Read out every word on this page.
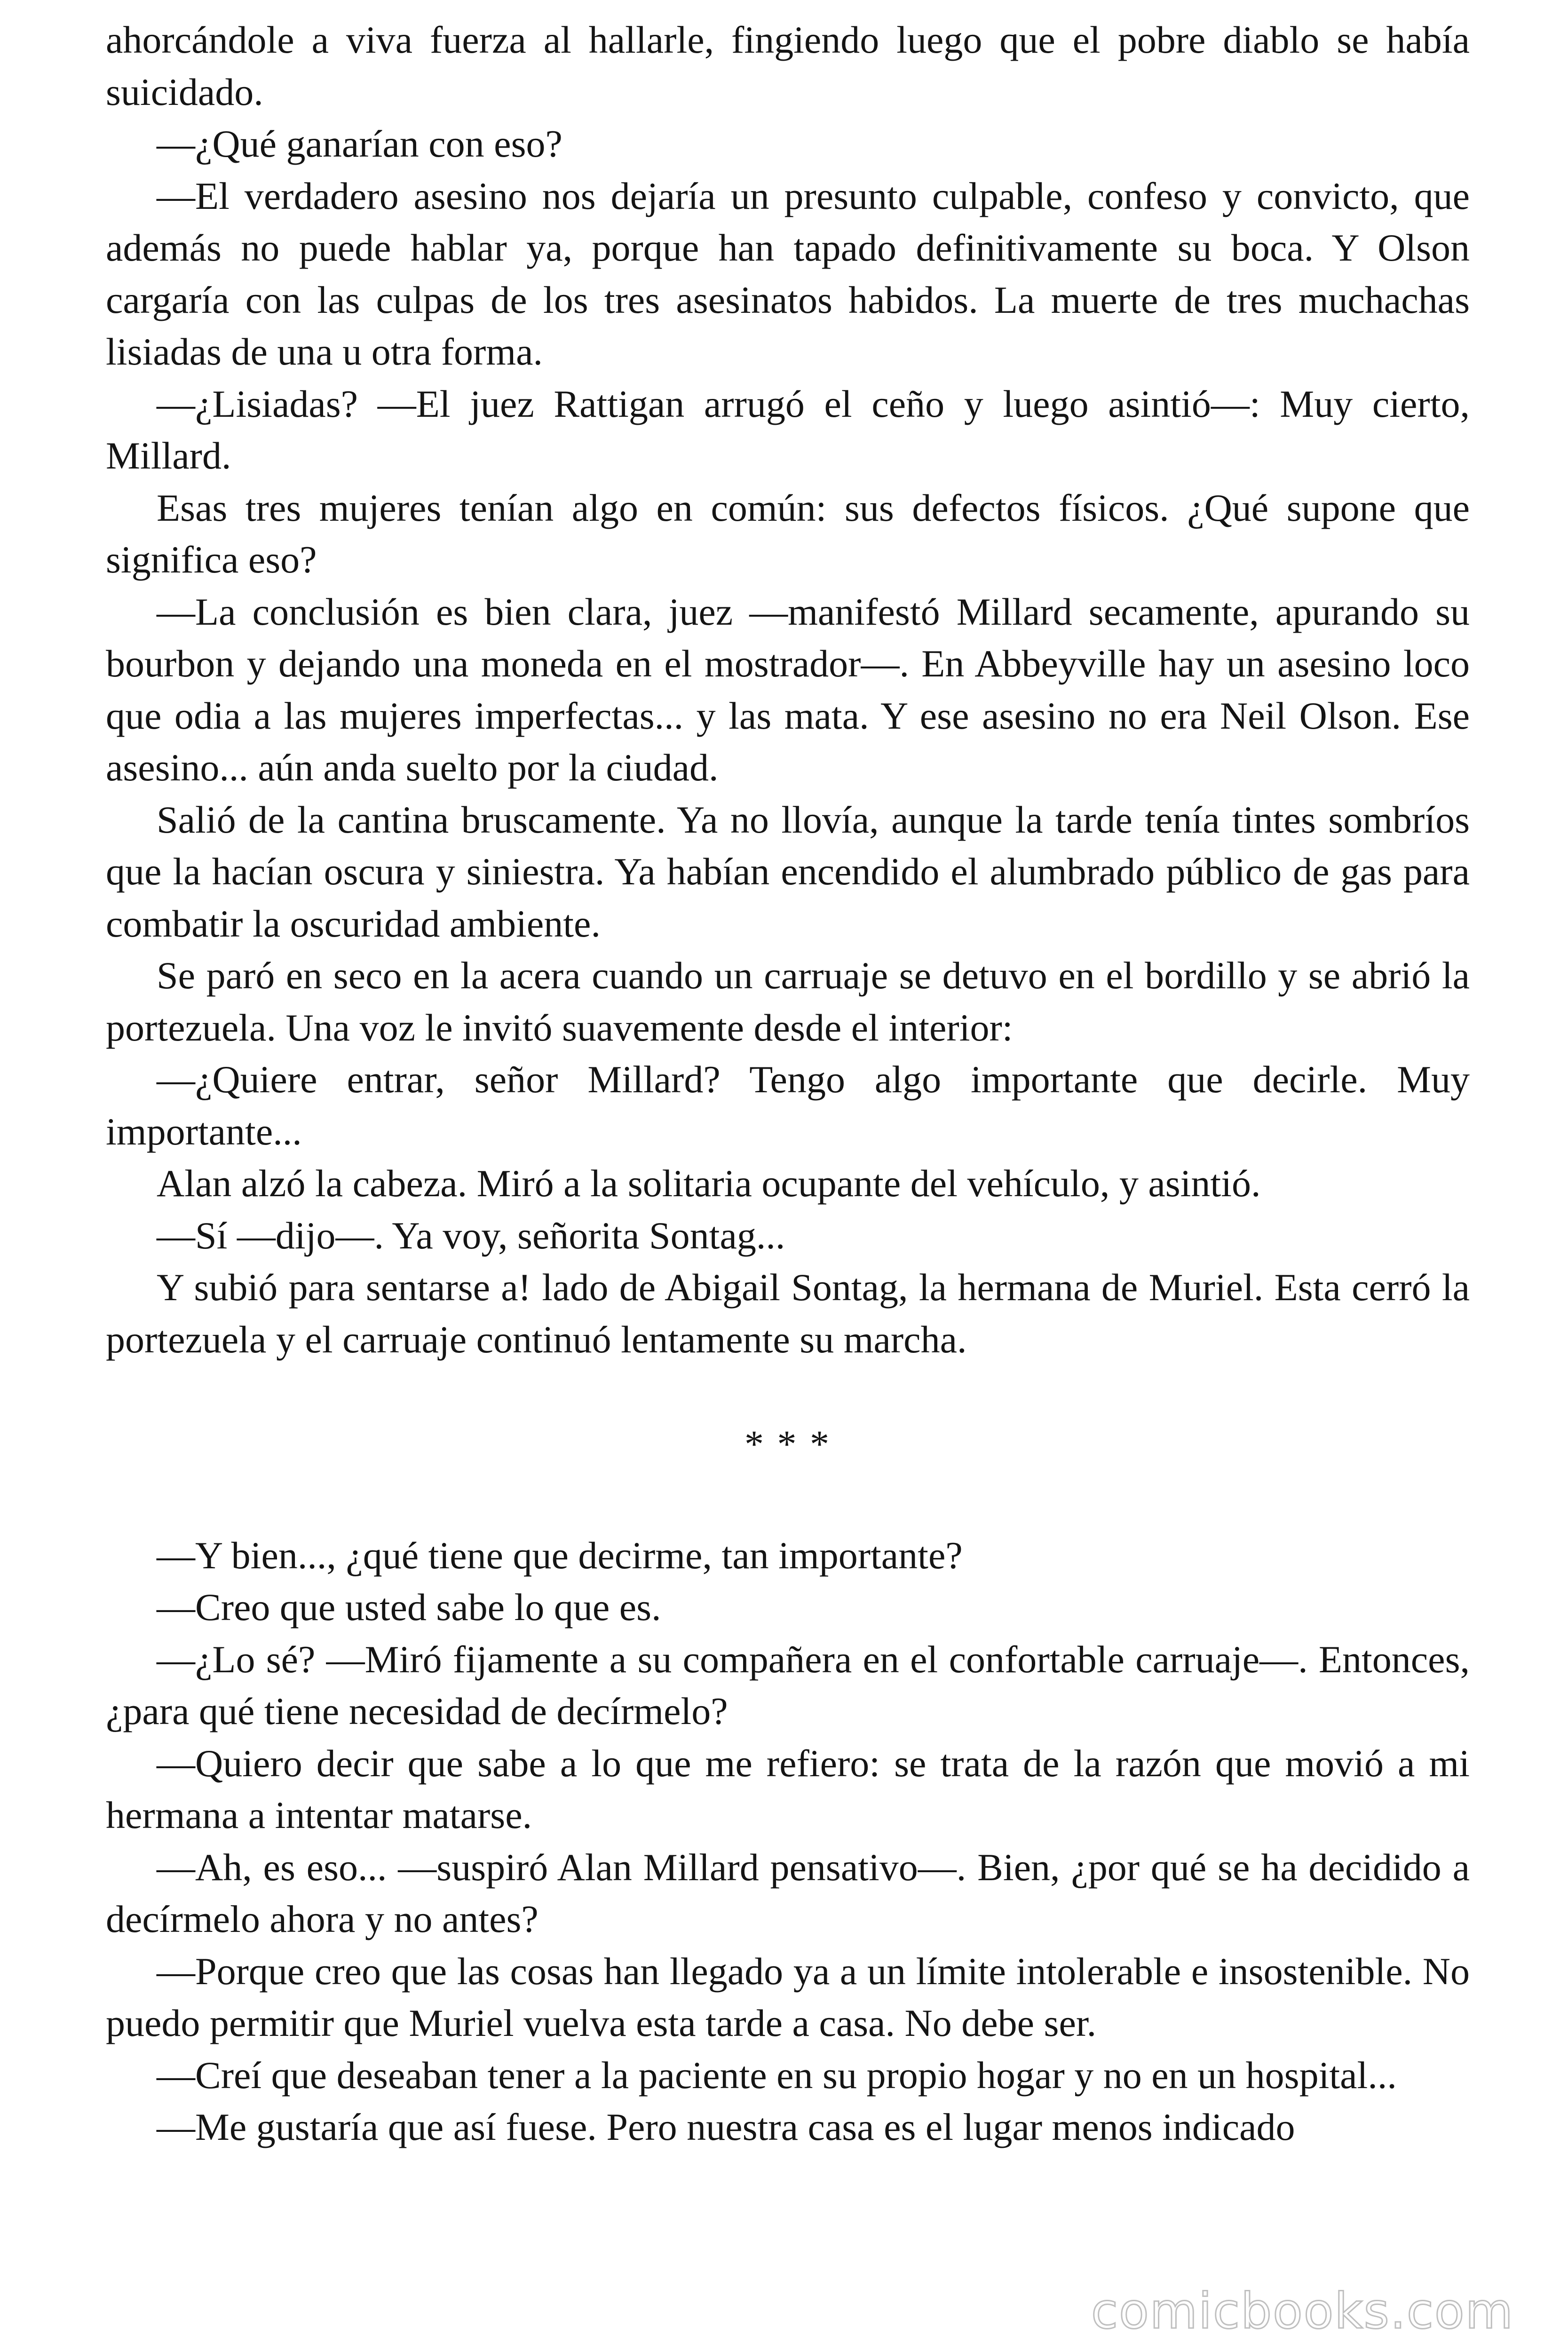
ahorcándole a viva fuerza al hallarle, fingiendo luego que el pobre diablo se había suicidado.

—¿Qué ganarían con eso?

—El verdadero asesino nos dejaría un presunto culpable, confeso y convicto, que además no puede hablar ya, porque han tapado definitivamente su boca. Y Olson cargaría con las culpas de los tres asesinatos habidos. La muerte de tres muchachas lisiadas de una u otra forma.

—¿Lisiadas? —El juez Rattigan arrugó el ceño y luego asintió—: Muy cierto, Millard.

Esas tres mujeres tenían algo en común: sus defectos físicos. ¿Qué supone que significa eso?

—La conclusión es bien clara, juez —manifestó Millard secamente, apurando su bourbon y dejando una moneda en el mostrador—. En Abbeyville hay un asesino loco que odia a las mujeres imperfectas... y las mata. Y ese asesino no era Neil Olson. Ese asesino... aún anda suelto por la ciudad.

Salió de la cantina bruscamente. Ya no llovía, aunque la tarde tenía tintes sombríos que la hacían oscura y siniestra. Ya habían encendido el alumbrado público de gas para combatir la oscuridad ambiente.

Se paró en seco en la acera cuando un carruaje se detuvo en el bordillo y se abrió la portezuela. Una voz le invitó suavemente desde el interior:

—¿Quiere entrar, señor Millard? Tengo algo importante que decirle. Muy importante...

Alan alzó la cabeza. Miró a la solitaria ocupante del vehículo, y asintió.

—Sí —dijo—. Ya voy, señorita Sontag...

Y subió para sentarse a! lado de Abigail Sontag, la hermana de Muriel. Esta cerró la portezuela y el carruaje continuó lentamente su marcha.

* * *

—Y bien..., ¿qué tiene que decirme, tan importante?

—Creo que usted sabe lo que es.

—¿Lo sé? —Miró fijamente a su compañera en el confortable carruaje—. Entonces, ¿para qué tiene necesidad de decírmelo?

—Quiero decir que sabe a lo que me refiero: se trata de la razón que movió a mi hermana a intentar matarse.

—Ah, es eso... —suspiró Alan Millard pensativo—. Bien, ¿por qué se ha decidido a decírmelo ahora y no antes?

—Porque creo que las cosas han llegado ya a un límite intolerable e insostenible. No puedo permitir que Muriel vuelva esta tarde a casa. No debe ser.

—Creí que deseaban tener a la paciente en su propio hogar y no en un hospital...

—Me gustaría que así fuese. Pero nuestra casa es el lugar menos indicado

comicbooks.com
